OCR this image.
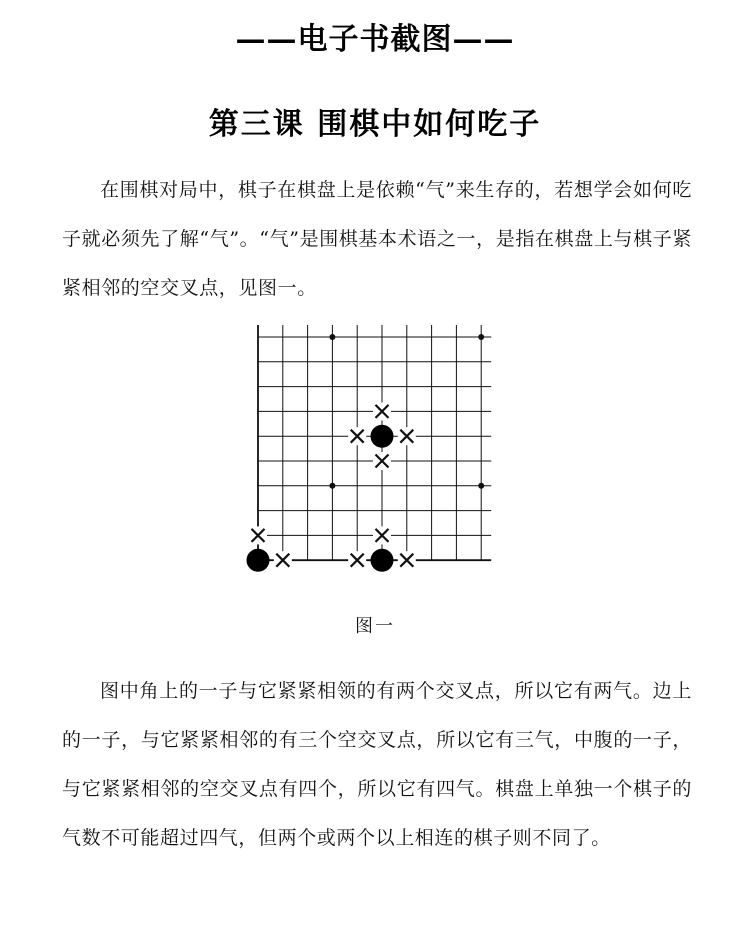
——电子书截图——
第三课 围棋中如何吃子

在围棋对局中，棋子在棋盘上是依赖“气”来生存的，若想学会如何吃子就必须先了解“气”。“气”是围棋基本术语之一，是指在棋盘上与棋子紧紧相邻的空交叉点，见图一。

图一

图中角上的一子与它紧紧相领的有两个交叉点，所以它有两气。边上的一子，与它紧紧相邻的有三个空交叉点，所以它有三气，中腹的一子，与它紧紧相邻的空交叉点有四个，所以它有四气。棋盘上单独一个棋子的气数不可能超过四气，但两个或两个以上相连的棋子则不同了。
